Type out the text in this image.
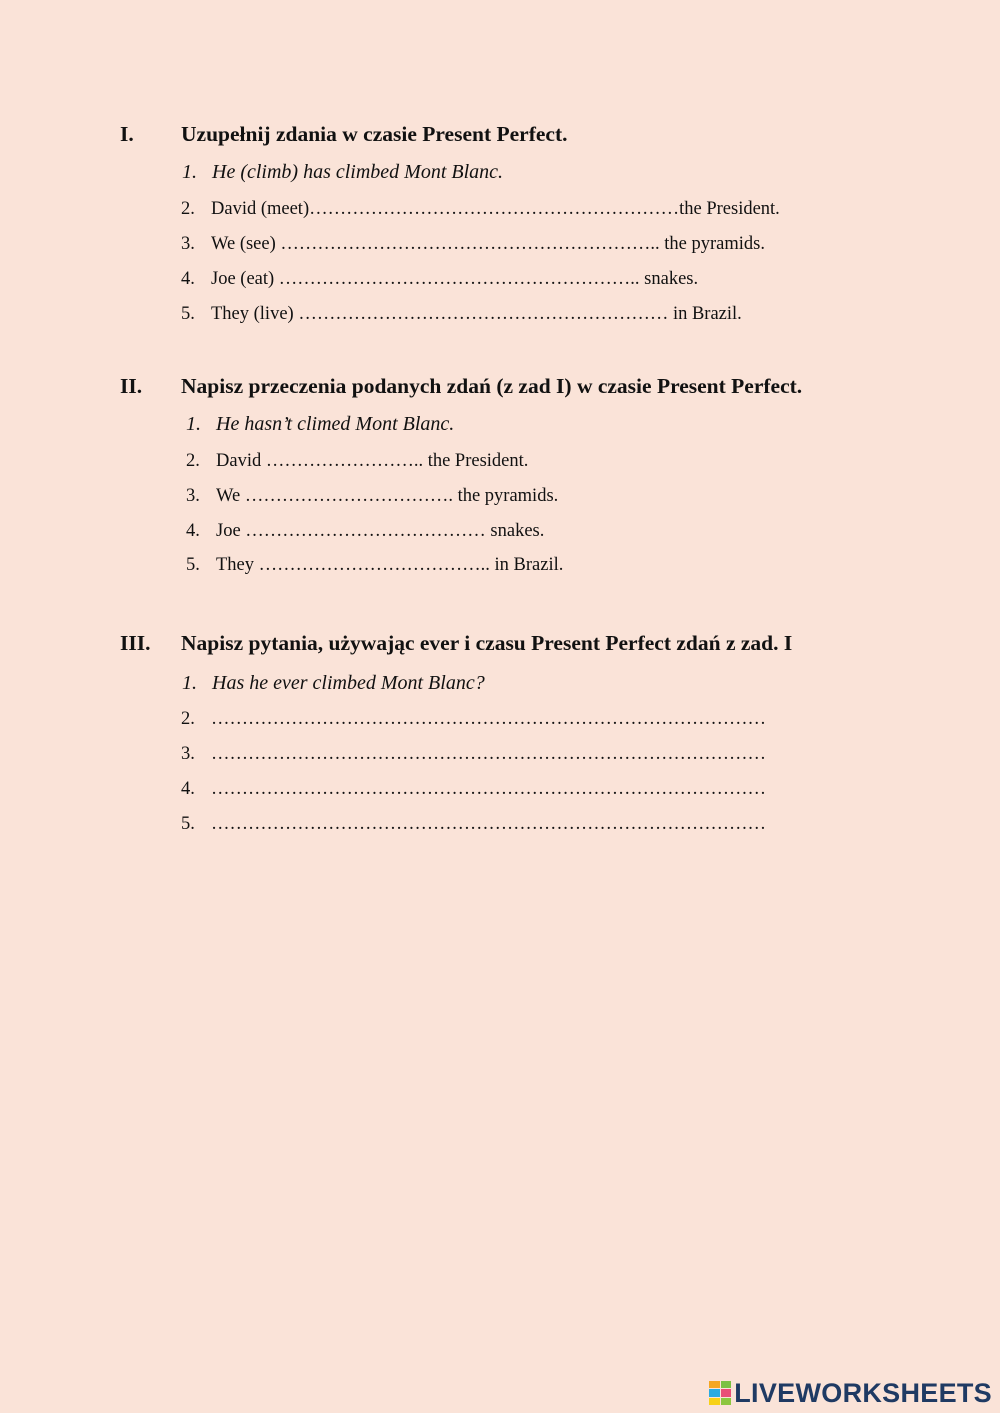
I. Uzupełnij zdania w czasie Present Perfect.
1. He (climb) has climbed Mont Blanc.
2. David (meet)……………………………………………………the President.
3. We (see) …………………………………………………….. the pyramids.
4. Joe (eat) ………………………………………………….. snakes.
5. They (live) …………………………………………………… in Brazil.
II. Napisz przeczenia podanych zdań (z zad I) w czasie Present Perfect.
1. He hasn’t climed Mont Blanc.
2. David …………………….. the President.
3. We ……………………………. the pyramids.
4. Joe ………………………………… snakes.
5. They ……………………………….. in Brazil.
III. Napisz pytania, używając ever i czasu Present Perfect zdań z zad. I
1. Has he ever climbed Mont Blanc?
2. ………………………………………………………………………………
3. ………………………………………………………………………………
4. ………………………………………………………………………………
5. ………………………………………………………………………………
LIVEWORKSHEETS
